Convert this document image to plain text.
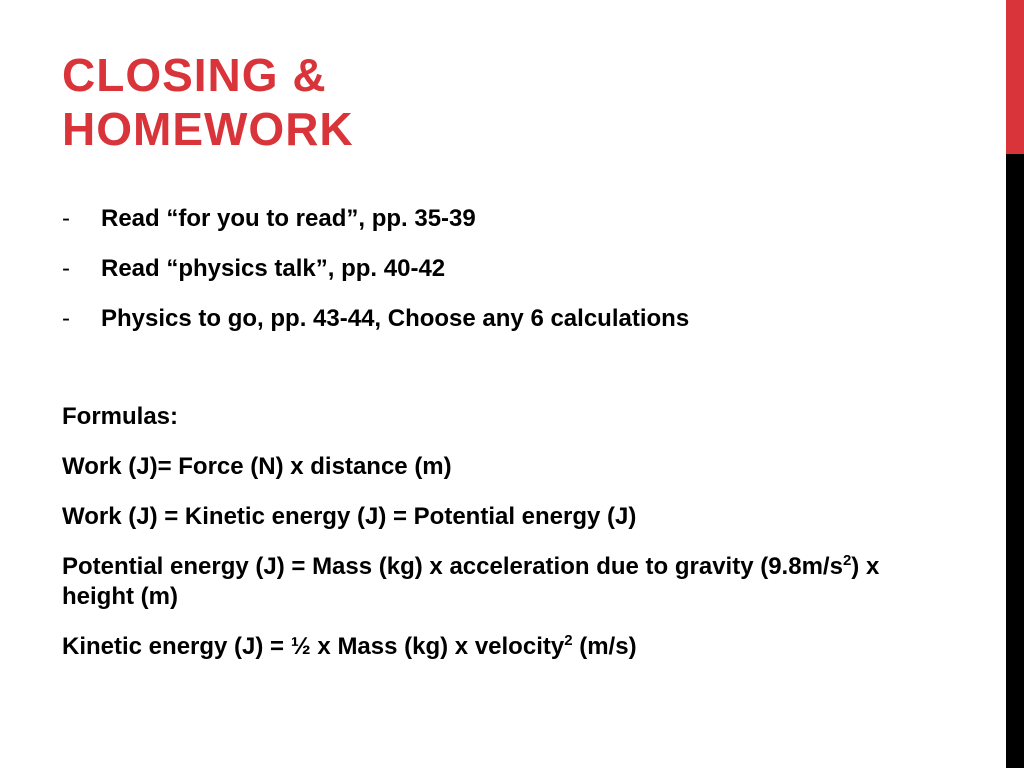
CLOSING &
HOMEWORK
- Read “for you to read”, pp. 35-39
- Read “physics talk”, pp. 40-42
- Physics to go, pp. 43-44, Choose any 6 calculations

Formulas:

Work (J)= Force (N) x distance (m)

Work (J) = Kinetic energy (J) = Potential energy (J)

Potential energy (J) = Mass (kg) x acceleration due to gravity $(9.8m/s^2)$ x height (m)

Kinetic energy (J) = ½ x Mass (kg) x velocity$^2$ (m/s)
